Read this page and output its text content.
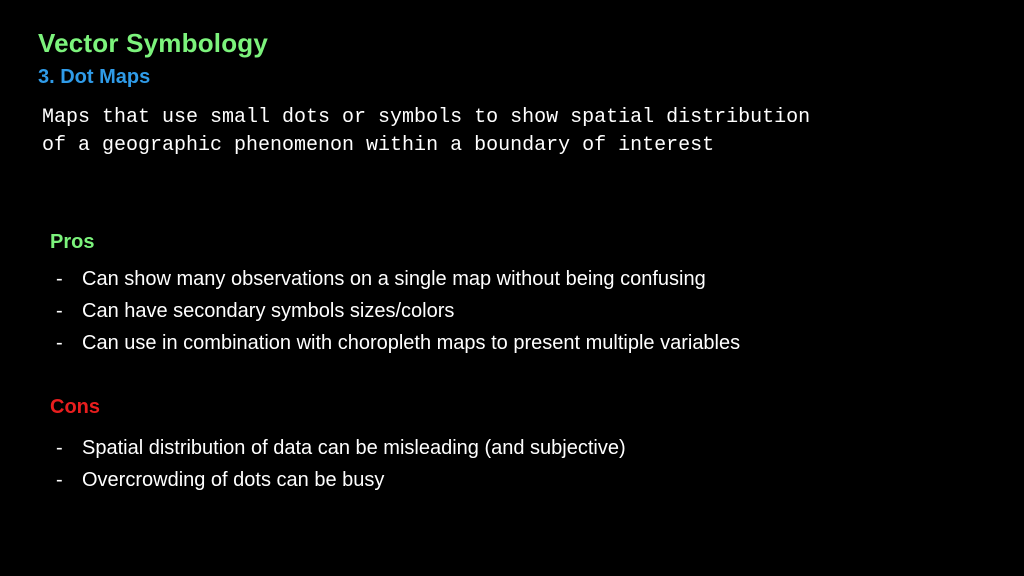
Vector Symbology
3. Dot Maps
Maps that use small dots or symbols to show spatial distribution
of a geographic phenomenon within a boundary of interest
Pros
- Can show many observations on a single map without being confusing
- Can have secondary symbols sizes/colors
- Can use in combination with choropleth maps to present multiple variables
Cons
- Spatial distribution of data can be misleading (and subjective)
- Overcrowding of dots can be busy
